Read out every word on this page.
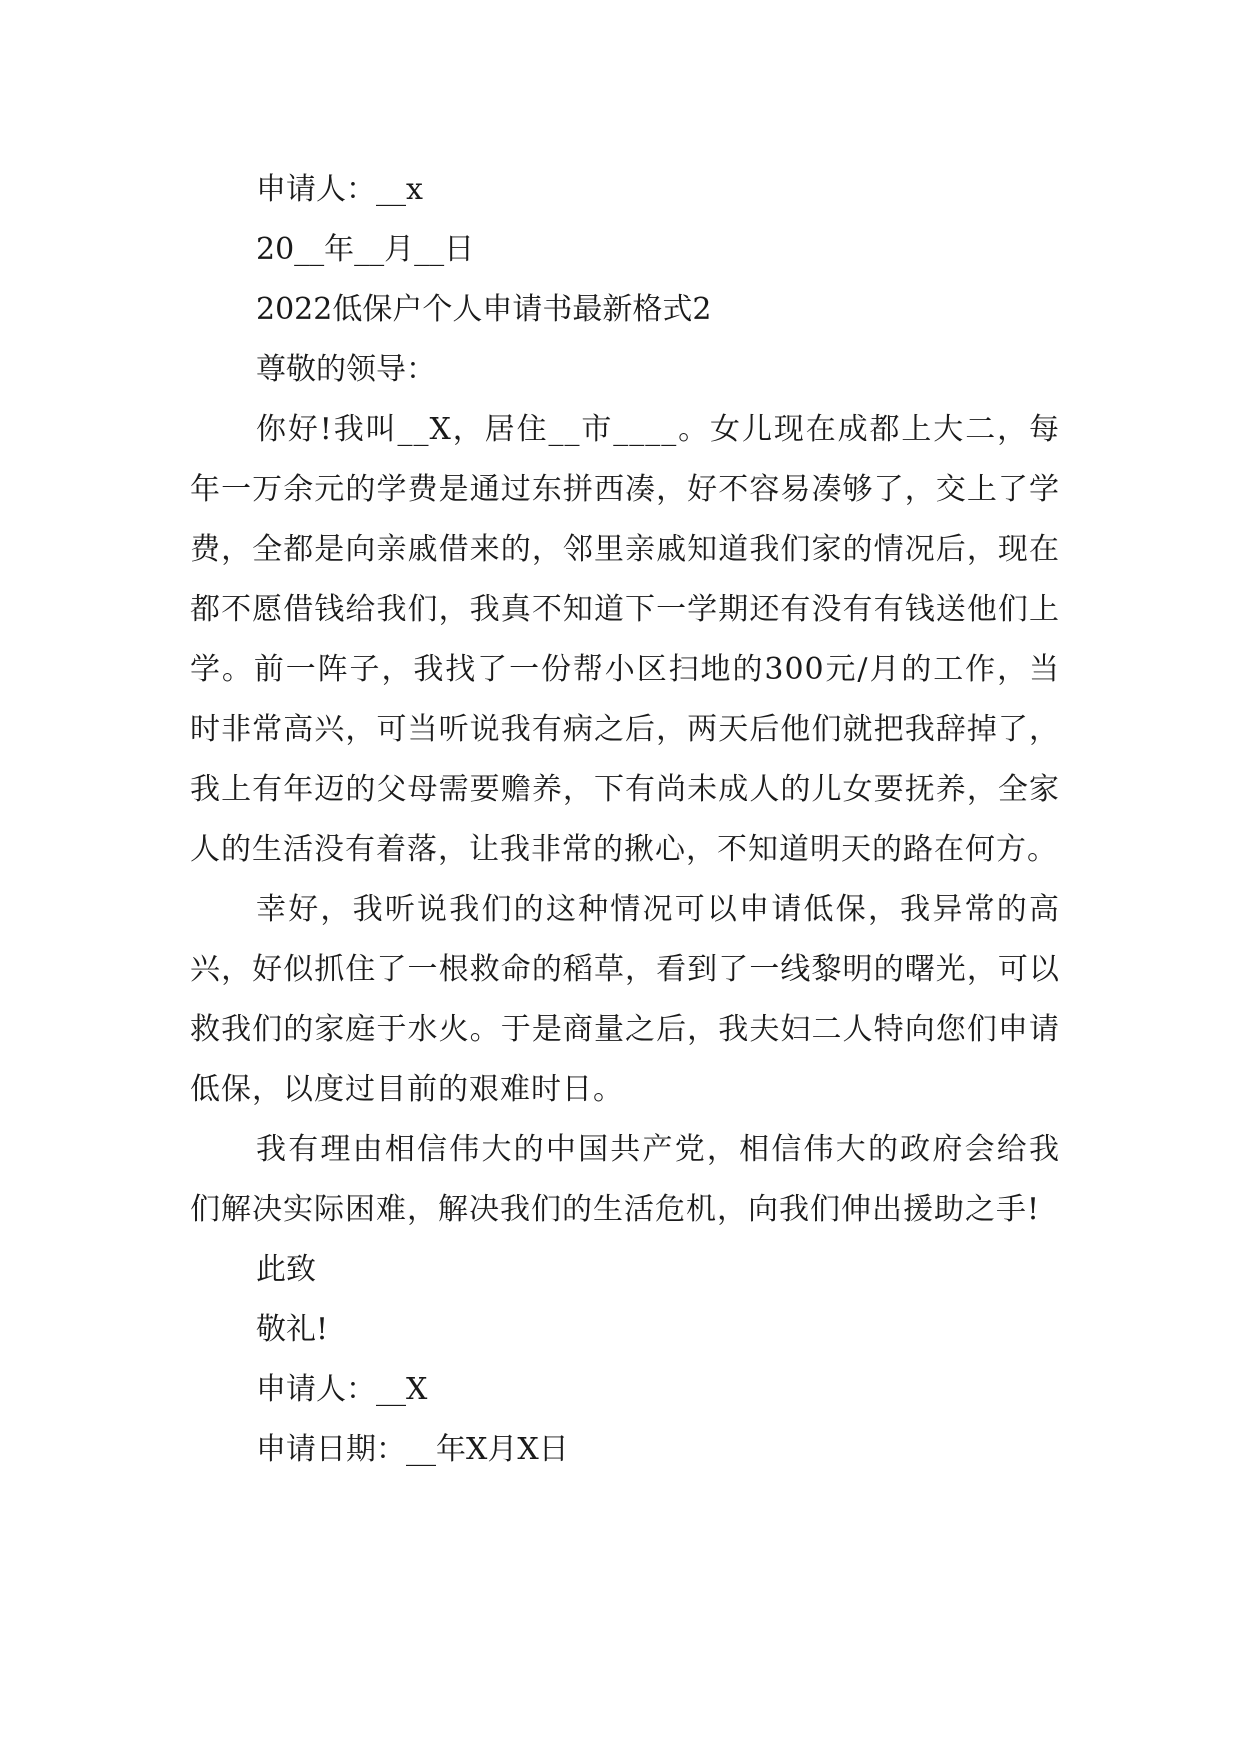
申请人：__x

20__年__月__日

2022低保户个人申请书最新格式2

尊敬的领导：

你好!我叫__X，居住__市____。女儿现在成都上大二，每年一万余元的学费是通过东拼西凑，好不容易凑够了，交上了学费，全都是向亲戚借来的，邻里亲戚知道我们家的情况后，现在都不愿借钱给我们，我真不知道下一学期还有没有有钱送他们上学。前一阵子，我找了一份帮小区扫地的300元/月的工作，当时非常高兴，可当听说我有病之后，两天后他们就把我辞掉了，我上有年迈的父母需要赡养，下有尚未成人的儿女要抚养，全家人的生活没有着落，让我非常的揪心，不知道明天的路在何方。

幸好，我听说我们的这种情况可以申请低保，我异常的高兴，好似抓住了一根救命的稻草，看到了一线黎明的曙光，可以救我们的家庭于水火。于是商量之后，我夫妇二人特向您们申请低保，以度过目前的艰难时日。

我有理由相信伟大的中国共产党，相信伟大的政府会给我们解决实际困难，解决我们的生活危机，向我们伸出援助之手!

此致

敬礼!

申请人：__X

申请日期：__年X月X日
